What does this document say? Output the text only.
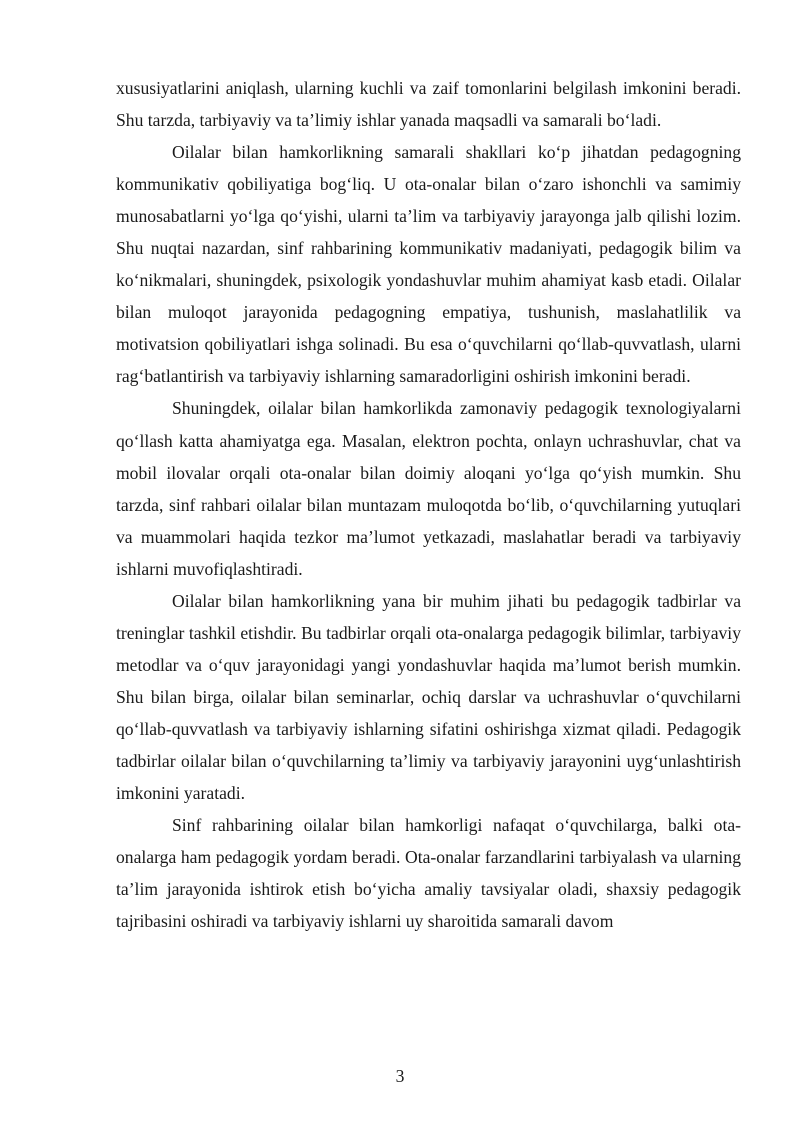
xususiyatlarini aniqlash, ularning kuchli va zaif tomonlarini belgilash imkonini beradi. Shu tarzda, tarbiyaviy va ta’limiy ishlar yanada maqsadli va samarali bo‘ladi.

Oilalar bilan hamkorlikning samarali shakllari ko‘p jihatdan pedagogning kommunikativ qobiliyatiga bog‘liq. U ota-onalar bilan o‘zaro ishonchli va samimiy munosabatlarni yo‘lga qo‘yishi, ularni ta’lim va tarbiyaviy jarayonga jalb qilishi lozim. Shu nuqtai nazardan, sinf rahbarining kommunikativ madaniyati, pedagogik bilim va ko‘nikmalari, shuningdek, psixologik yondashuvlar muhim ahamiyat kasb etadi. Oilalar bilan muloqot jarayonida pedagogning empatiya, tushunish, maslahatlilik va motivatsion qobiliyatlari ishga solinadi. Bu esa o‘quvchilarni qo‘llab-quvvatlash, ularni rag‘batlantirish va tarbiyaviy ishlarning samaradorligini oshirish imkonini beradi.

Shuningdek, oilalar bilan hamkorlikda zamonaviy pedagogik texnologiyalarni qo‘llash katta ahamiyatga ega. Masalan, elektron pochta, onlayn uchrashuvlar, chat va mobil ilovalar orqali ota-onalar bilan doimiy aloqani yo‘lga qo‘yish mumkin. Shu tarzda, sinf rahbari oilalar bilan muntazam muloqotda bo‘lib, o‘quvchilarning yutuqlari va muammolari haqida tezkor ma’lumot yetkazadi, maslahatlar beradi va tarbiyaviy ishlarni muvofiqlashtiradi.

Oilalar bilan hamkorlikning yana bir muhim jihati bu pedagogik tadbirlar va treninglar tashkil etishdir. Bu tadbirlar orqali ota-onalarga pedagogik bilimlar, tarbiyaviy metodlar va o‘quv jarayonidagi yangi yondashuvlar haqida ma’lumot berish mumkin. Shu bilan birga, oilalar bilan seminarlar, ochiq darslar va uchrashuvlar o‘quvchilarni qo‘llab-quvvatlash va tarbiyaviy ishlarning sifatini oshirishga xizmat qiladi. Pedagogik tadbirlar oilalar bilan o‘quvchilarning ta’limiy va tarbiyaviy jarayonini uyg‘unlashtirish imkonini yaratadi.

Sinf rahbarining oilalar bilan hamkorligi nafaqat o‘quvchilarga, balki ota-onalarga ham pedagogik yordam beradi. Ota-onalar farzandlarini tarbiyalash va ularning ta’lim jarayonida ishtirok etish bo‘yicha amaliy tavsiyalar oladi, shaxsiy pedagogik tajribasini oshiradi va tarbiyaviy ishlarni uy sharoitida samarali davom

3
